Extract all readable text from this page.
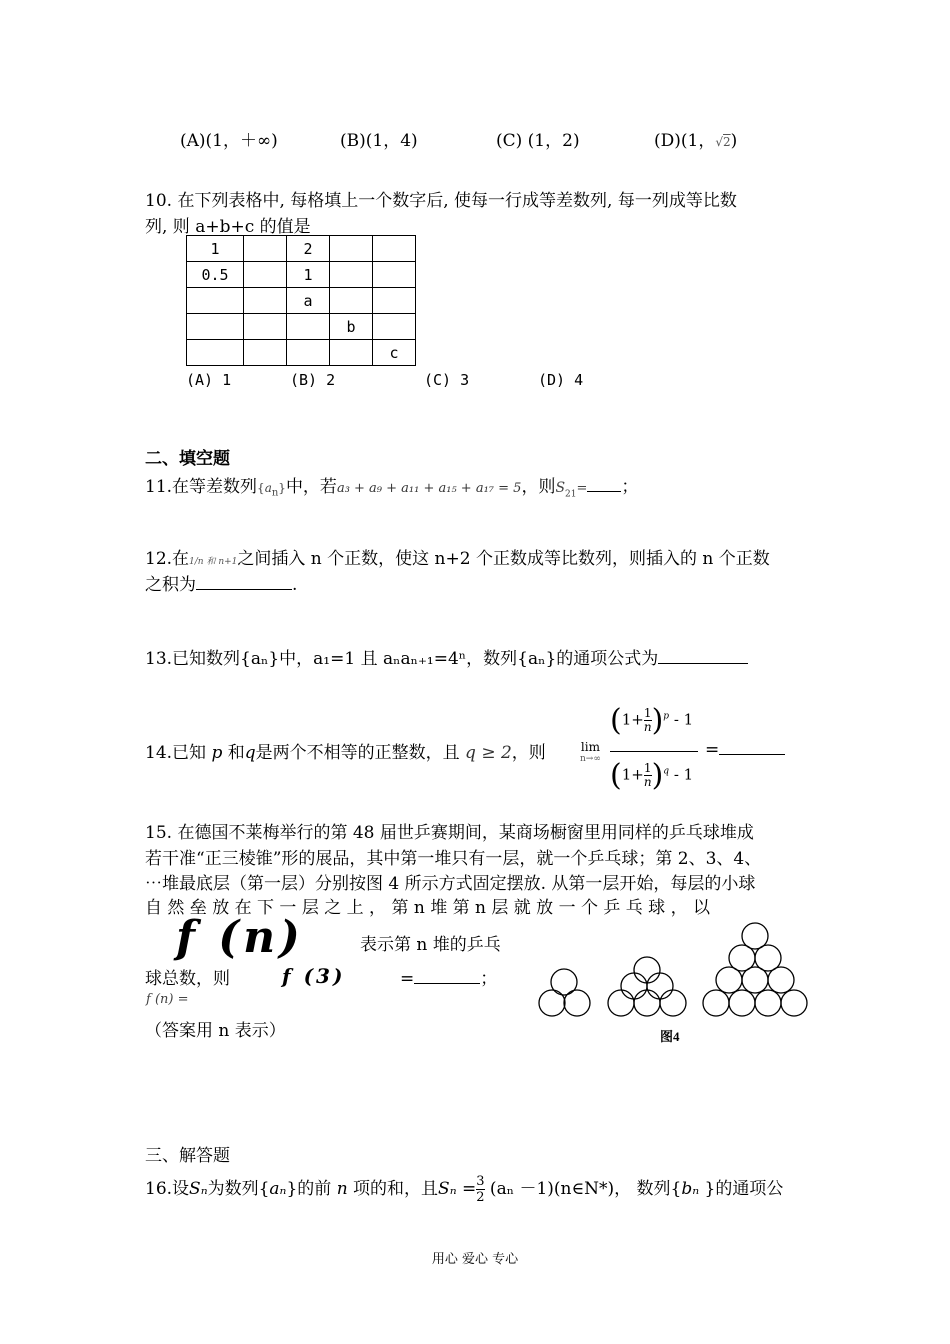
(A)(1，＋∞)	(B)(1，4)	(C) (1，2)	(D)(1，√2)
10. 在下列表格中, 每格填上一个数字后, 使每一行成等差数列, 每一列成等比数
列, 则 a+b+c 的值是
1		2		
0.5		1		
		a		
			b	
				c
(A) 1	(B) 2	(C) 3	(D) 4
二、填空题
11.在等差数列$\{a_n\}$中，若a₃ + a₉ + a₁₁ + a₁₅ + a₁₇ = 5，则$S_{21}=$ ；
12.在1/n 和 n+1之间插入 n 个正数，使这 n+2 个正数成等比数列，则插入的 n 个正数
之积为	.
13.已知数列{aₙ}中，a₁=1 且 aₙaₙ₊₁=4ⁿ，数列{aₙ}的通项公式为
14.已知 p 和q是两个不相等的正整数，且 q ≥ 2，则	lim
n→∞
$(1+ \frac{1}{n} )^p - 1$
$(1+ \frac{1}{n} )^q - 1$
=
15. 在德国不莱梅举行的第 48 届世乒赛期间，某商场橱窗里用同样的乒乓球堆成
若干准“正三棱锥”形的展品，其中第一堆只有一层，就一个乒乓球；第 2、3、4、
⋯堆最底层（第一层）分别按图 4 所示方式固定摆放. 从第一层开始，每层的小球
自 然 垒 放 在 下 一 层 之 上 ， 第 n 堆 第 n 层 就 放 一 个 乒 乓 球 ， 以
f (n)	表示第 n 堆的乒乓
球总数，则	f (3)	=	；
f (n) =
（答案用 n 表示）	图4
三、解答题
16.设Sₙ为数列{aₙ}的前 n 项的和，且$S_n = \frac{3}{2} (a_n$ －1)(n∈N*)， 数列{bₙ }的通项公
用心 爱心 专心
